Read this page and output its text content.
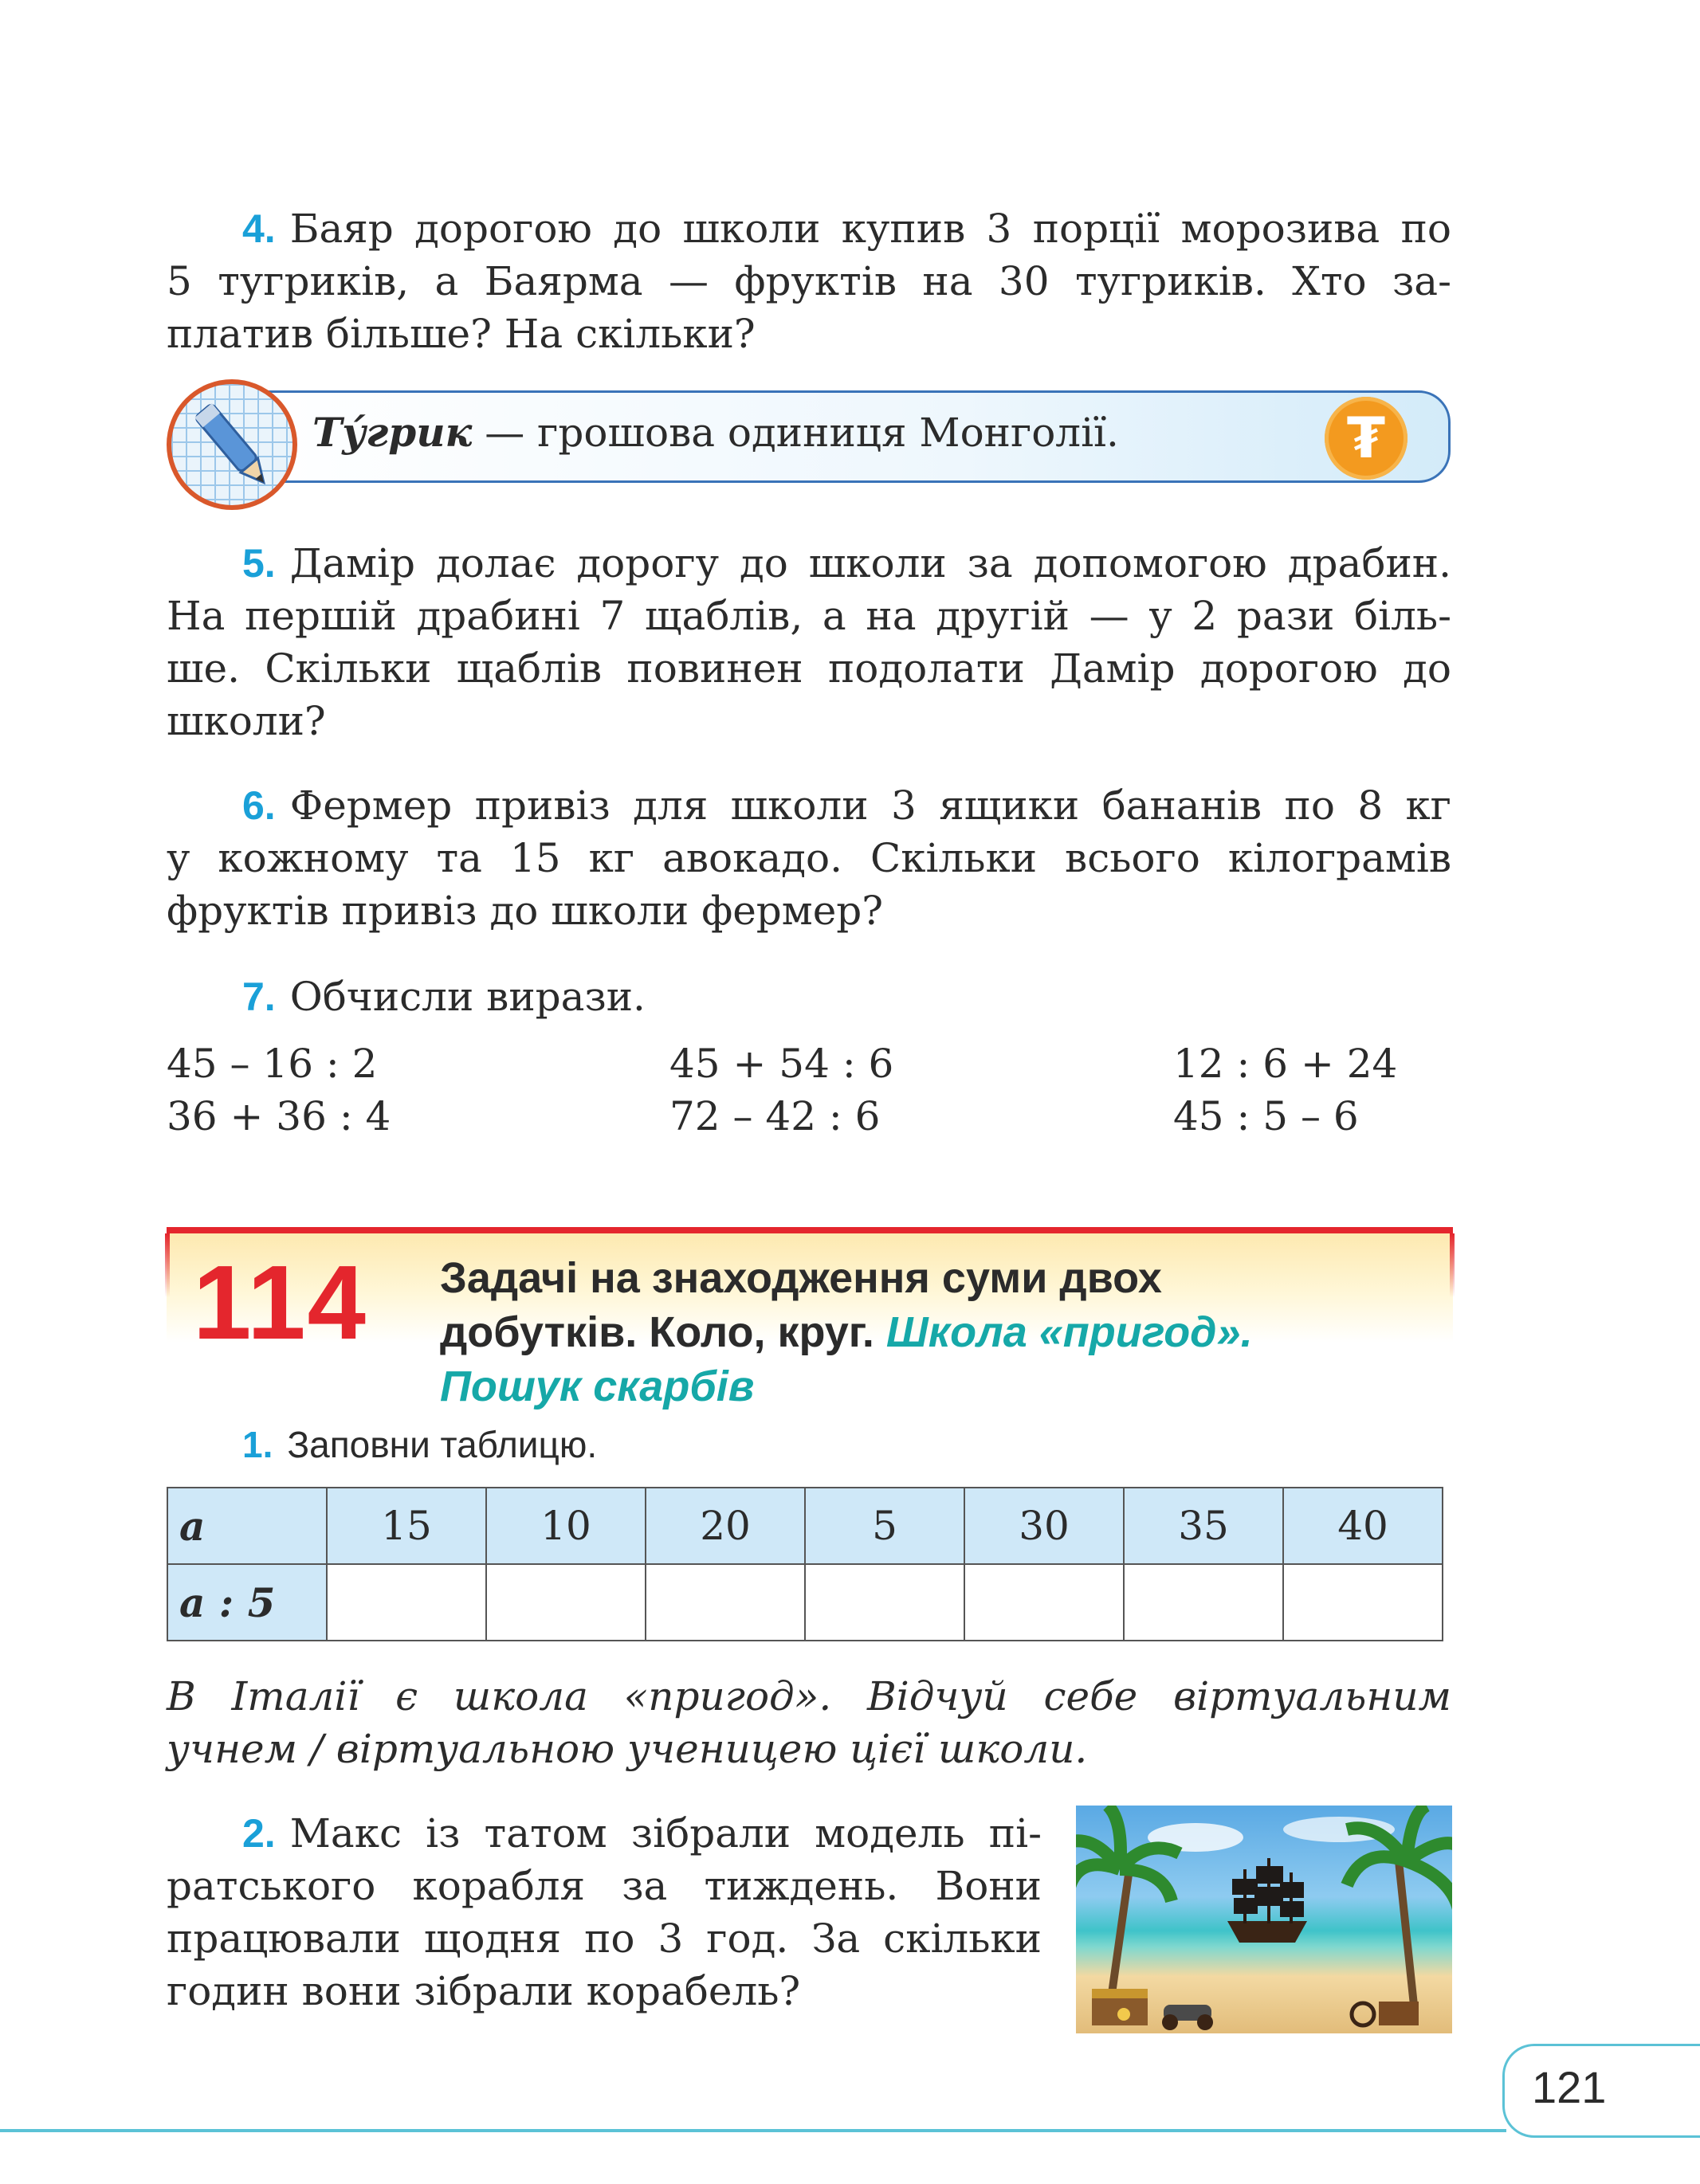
4. Баяр дорогою до школи купив 3 порції морозива по
5 тугриків, а Баярма — фруктів на 30 тугриків. Хто за-
платив більше? На скільки?
Ту́грик — грошова одиниця Монголії.	₮
5. Дамір долає дорогу до школи за допомогою драбин.
На першій драбині 7 щаблів, а на другій — у 2 рази біль-
ше. Скільки щаблів повинен подолати Дамір дорогою до
школи?
6. Фермер привіз для школи 3 ящики бананів по 8 кг
у кожному та 15 кг авокадо. Скільки всього кілограмів
фруктів привіз до школи фермер?
7. Обчисли вирази.
45 – 16 : 2	45 + 54 : 6	12 : 6 + 24
36 + 36 : 4	72 – 42 : 6	45 : 5 – 6
114 Задачі на знаходження суми двох
добутків. Коло, круг. Школа «пригод».
Пошук скарбів
1. Заповни таблицю.
a	15	10	20	5	30	35	40
a : 5							
В Італії є школа «пригод». Відчуй себе віртуальним
учнем / віртуальною ученицею цієї школи.
2. Макс із татом зібрали модель пі-
ратського корабля за тиждень. Вони
працювали щодня по 3 год. За скільки
годин вони зібрали корабель?
121
